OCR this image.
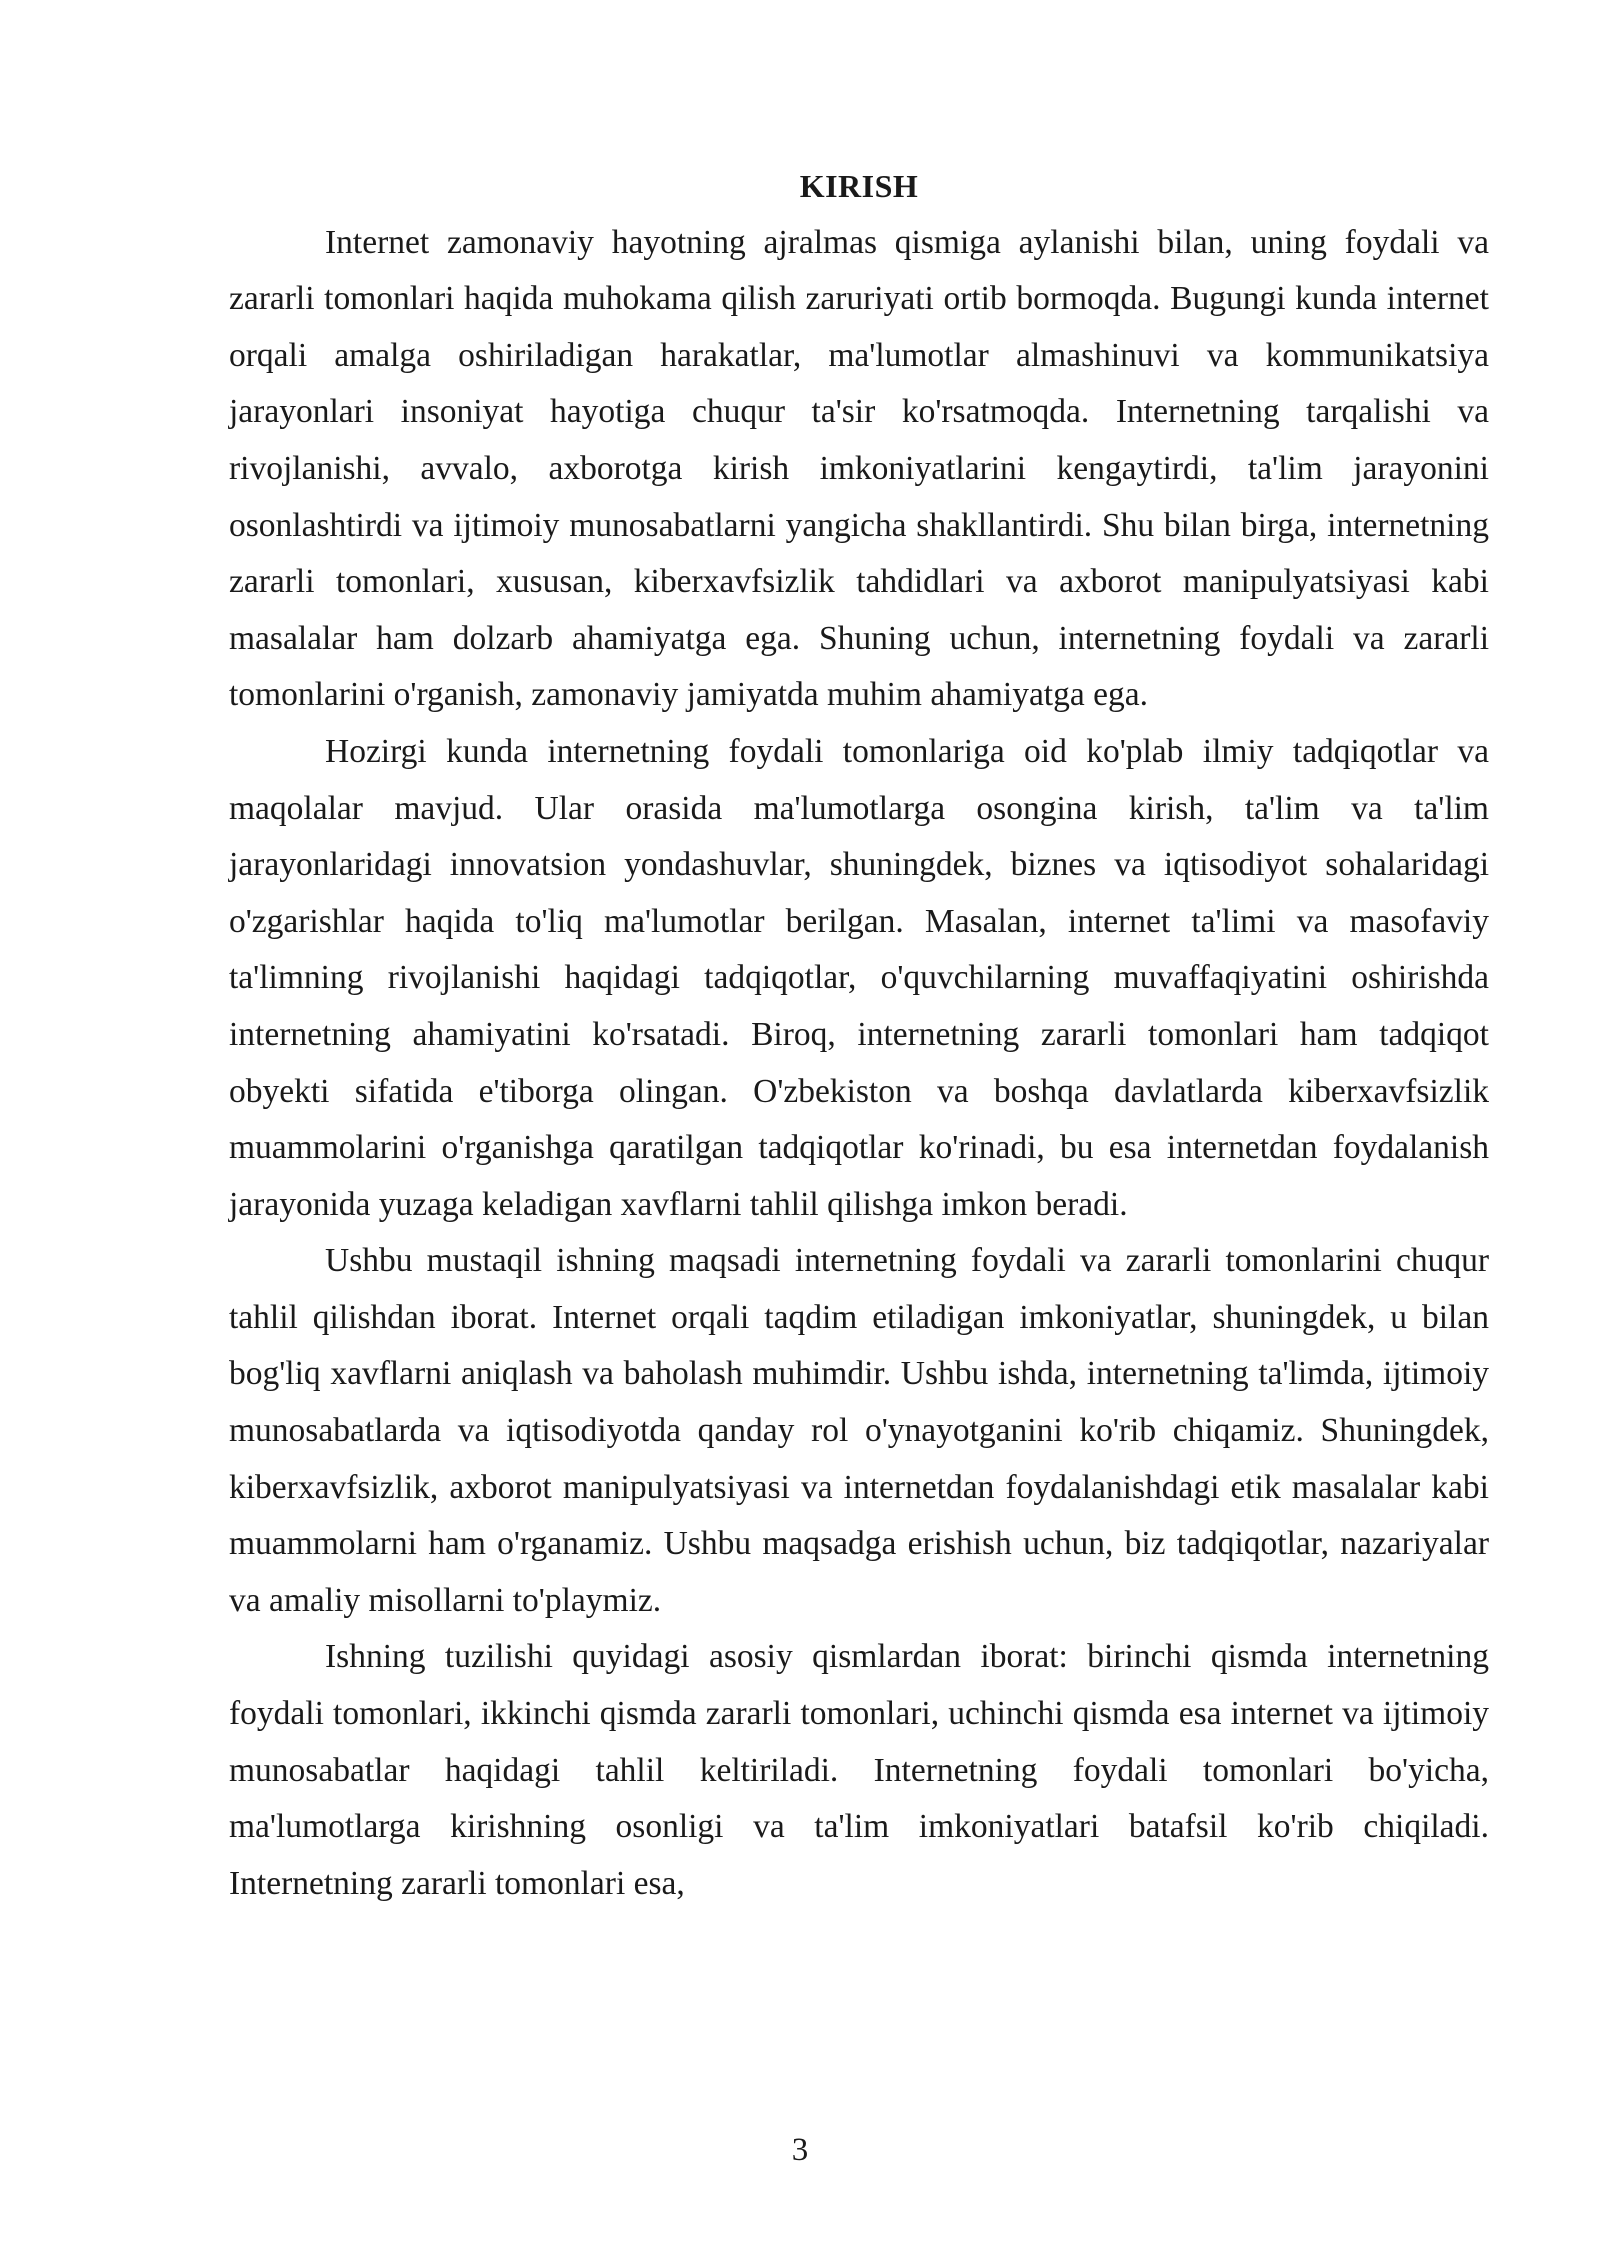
KIRISH

Internet zamonaviy hayotning ajralmas qismiga aylanishi bilan, uning foydali va zararli tomonlari haqida muhokama qilish zaruriyati ortib bormoqda. Bugungi kunda internet orqali amalga oshiriladigan harakatlar, ma'lumotlar almashinuvi va kommunikatsiya jarayonlari insoniyat hayotiga chuqur ta'sir ko'rsatmoqda. Internetning tarqalishi va rivojlanishi, avvalo, axborotga kirish imkoniyatlarini kengaytirdi, ta'lim jarayonini osonlashtirdi va ijtimoiy munosabatlarni yangicha shakllantirdi. Shu bilan birga, internetning zararli tomonlari, xususan, kiberxavfsizlik tahdidlari va axborot manipulyatsiyasi kabi masalalar ham dolzarb ahamiyatga ega. Shuning uchun, internetning foydali va zararli tomonlarini o'rganish, zamonaviy jamiyatda muhim ahamiyatga ega.

Hozirgi kunda internetning foydali tomonlariga oid ko'plab ilmiy tadqiqotlar va maqolalar mavjud. Ular orasida ma'lumotlarga osongina kirish, ta'lim va ta'lim jarayonlaridagi innovatsion yondashuvlar, shuningdek, biznes va iqtisodiyot sohalaridagi o'zgarishlar haqida to'liq ma'lumotlar berilgan. Masalan, internet ta'limi va masofaviy ta'limning rivojlanishi haqidagi tadqiqotlar, o'quvchilarning muvaffaqiyatini oshirishda internetning ahamiyatini ko'rsatadi. Biroq, internetning zararli tomonlari ham tadqiqot obyekti sifatida e'tiborga olingan. O'zbekiston va boshqa davlatlarda kiberxavfsizlik muammolarini o'rganishga qaratilgan tadqiqotlar ko'rinadi, bu esa internetdan foydalanish jarayonida yuzaga keladigan xavflarni tahlil qilishga imkon beradi.

Ushbu mustaqil ishning maqsadi internetning foydali va zararli tomonlarini chuqur tahlil qilishdan iborat. Internet orqali taqdim etiladigan imkoniyatlar, shuningdek, u bilan bog'liq xavflarni aniqlash va baholash muhimdir. Ushbu ishda, internetning ta'limda, ijtimoiy munosabatlarda va iqtisodiyotda qanday rol o'ynayotganini ko'rib chiqamiz. Shuningdek, kiberxavfsizlik, axborot manipulyatsiyasi va internetdan foydalanishdagi etik masalalar kabi muammolarni ham o'rganamiz. Ushbu maqsadga erishish uchun, biz tadqiqotlar, nazariyalar va amaliy misollarni to'playmiz.

Ishning tuzilishi quyidagi asosiy qismlardan iborat: birinchi qismda internetning foydali tomonlari, ikkinchi qismda zararli tomonlari, uchinchi qismda esa internet va ijtimoiy munosabatlar haqidagi tahlil keltiriladi. Internetning foydali tomonlari bo'yicha, ma'lumotlarga kirishning osonligi va ta'lim imkoniyatlari batafsil ko'rib chiqiladi. Internetning zararli tomonlari esa,

3
